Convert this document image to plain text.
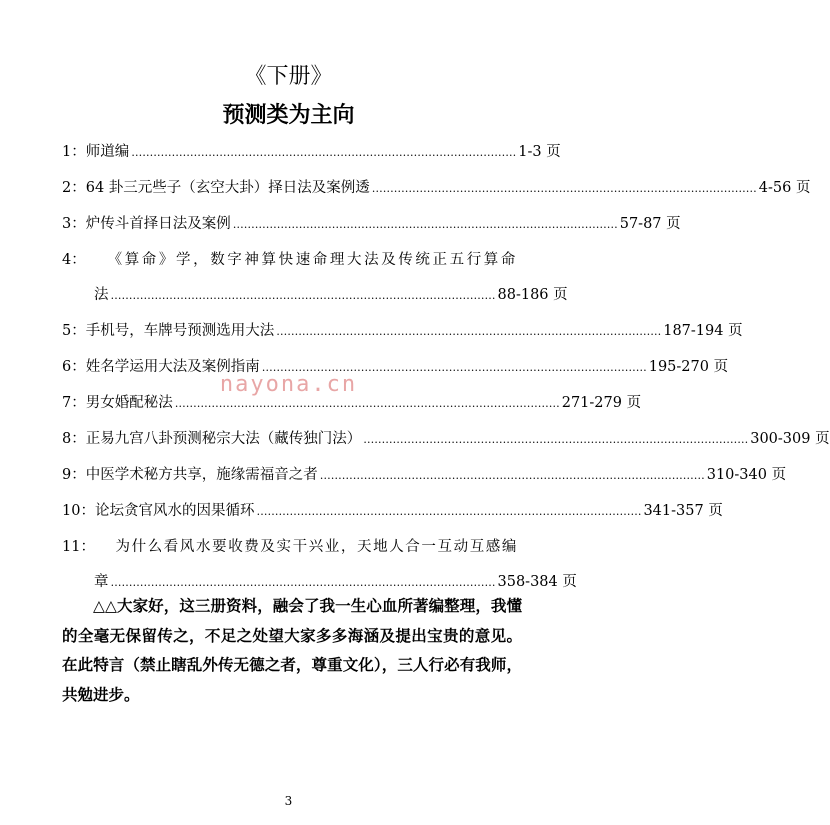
《下册》
预测类为主向
1： 师道编 …………………………………………………………………………………………… 1-3 页
2： 64 卦三元些子（玄空大卦）择日法及案例透 …………………………………………………………………………………………… 4-56 页
3： 炉传斗首择日法及案例 …………………………………………………………………………………………… 57-87 页
4： 《算命》学，数字神算快速命理大法及传统正五行算命
法 …………………………………………………………………………………………… 88-186 页
5： 手机号，车牌号预测选用大法 …………………………………………………………………………………………… 187-194 页
6： 姓名学运用大法及案例指南 …………………………………………………………………………………………… 195-270 页
7： 男女婚配秘法 …………………………………………………………………………………………… 271-279 页
8： 正易九宫八卦预测秘宗大法（藏传独门法） …………………………………………………………………………………………… 300-309 页
9： 中医学术秘方共享，施缘需福音之者 …………………………………………………………………………………………… 310-340 页
10： 论坛贪官风水的因果循环 …………………………………………………………………………………………… 341-357 页
11： 为什么看风水要收费及实干兴业，天地人合一互动互感编
章 …………………………………………………………………………………………… 358-384 页
nayona.cn
△△大家好，这三册资料，融会了我一生心血所著编整理，我懂的全毫无保留传之，不足之处望大家多多海涵及提出宝贵的意见。在此特言（禁止瞎乱外传无德之者，尊重文化），三人行必有我师，共勉进步。
3
